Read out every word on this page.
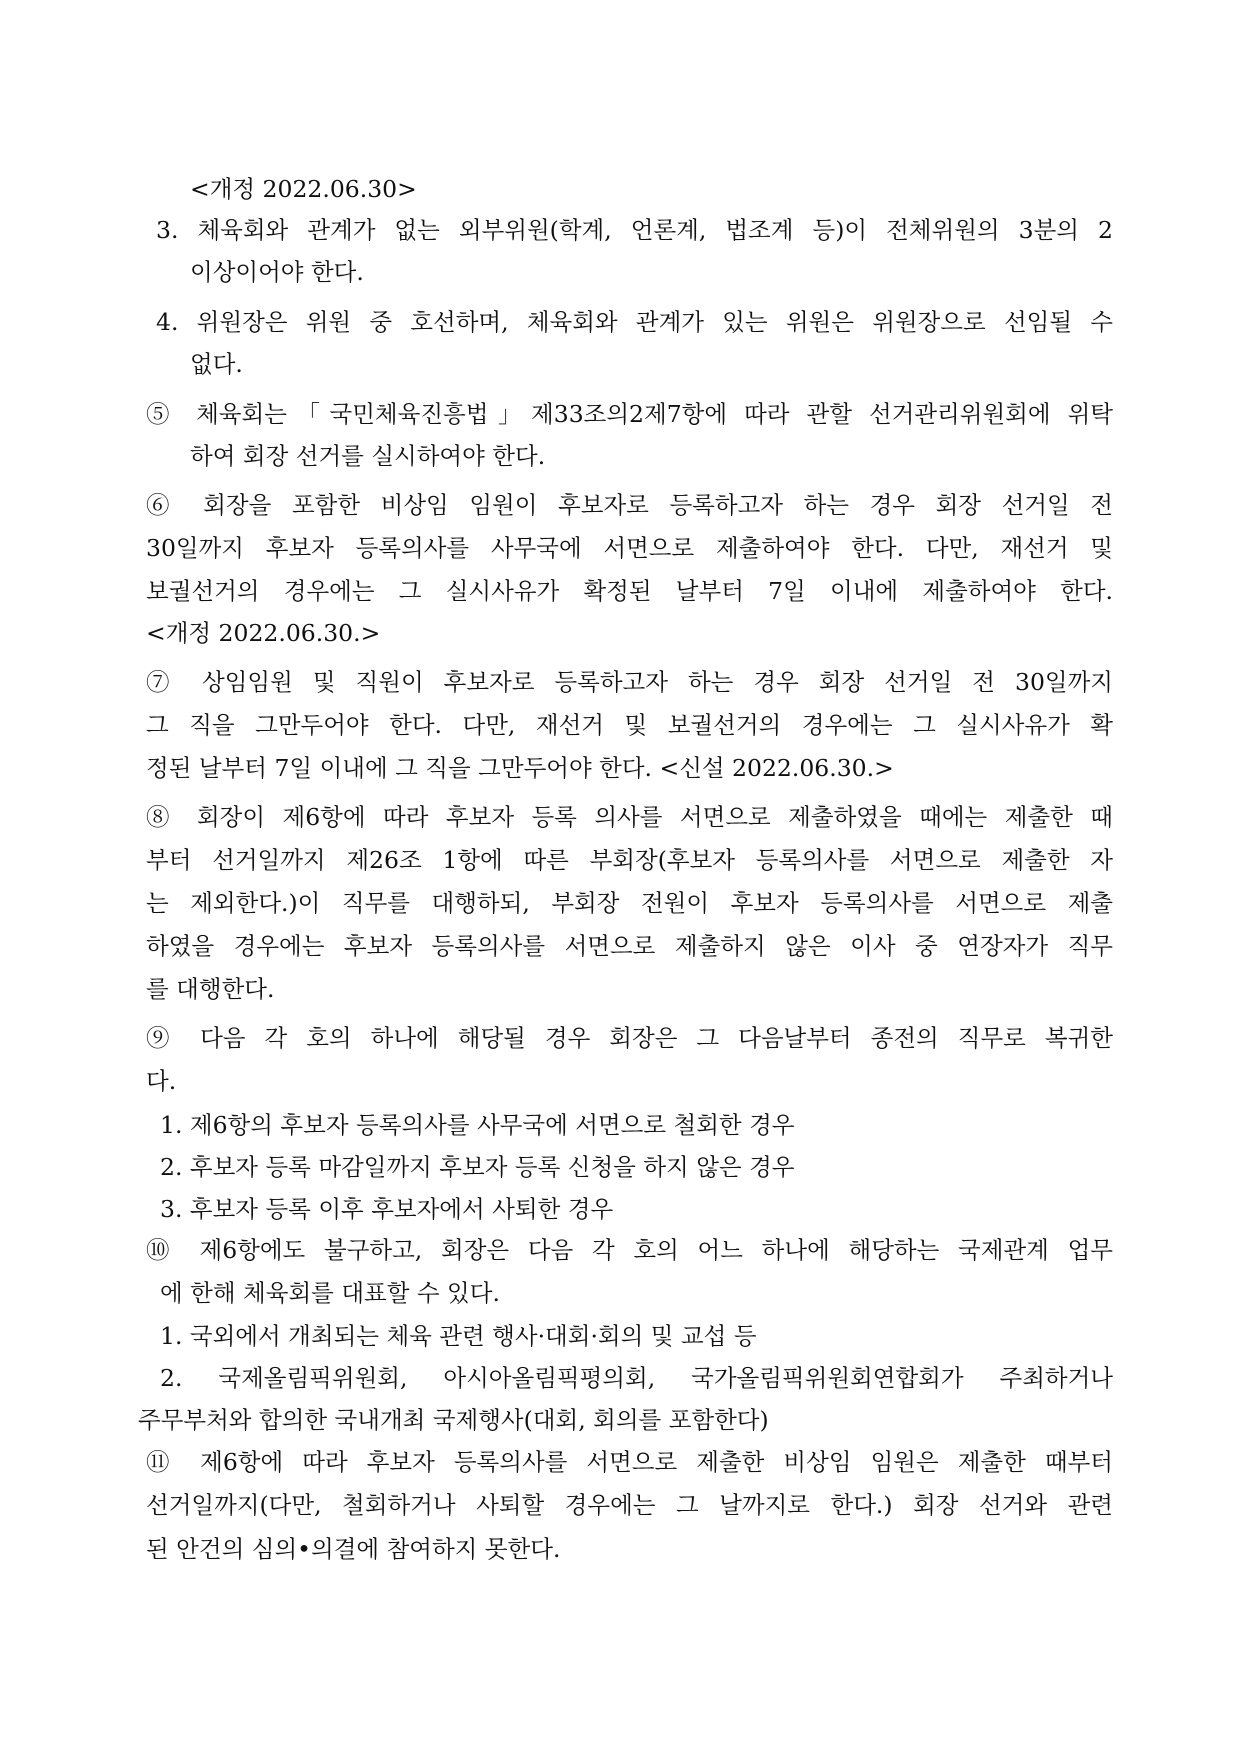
<개정 2022.06.30>
3. 체육회와 관계가 없는 외부위원(학계, 언론계, 법조계 등)이 전체위원의 3분의 2
이상이어야 한다.
4. 위원장은 위원 중 호선하며, 체육회와 관계가 있는 위원은 위원장으로 선임될 수
없다.
⑤ 체육회는「국민체육진흥법」제33조의2제7항에 따라 관할 선거관리위원회에 위탁
하여 회장 선거를 실시하여야 한다.
⑥ 회장을 포함한 비상임 임원이 후보자로 등록하고자 하는 경우 회장 선거일 전
30일까지 후보자 등록의사를 사무국에 서면으로 제출하여야 한다. 다만, 재선거 및
보궐선거의 경우에는 그 실시사유가 확정된 날부터 7일 이내에 제출하여야 한다.
<개정 2022.06.30.>
⑦ 상임임원 및 직원이 후보자로 등록하고자 하는 경우 회장 선거일 전 30일까지
그 직을 그만두어야 한다. 다만, 재선거 및 보궐선거의 경우에는 그 실시사유가 확
정된 날부터 7일 이내에 그 직을 그만두어야 한다. <신설 2022.06.30.>
⑧ 회장이 제6항에 따라 후보자 등록 의사를 서면으로 제출하였을 때에는 제출한 때
부터 선거일까지 제26조 1항에 따른 부회장(후보자 등록의사를 서면으로 제출한 자
는 제외한다.)이 직무를 대행하되, 부회장 전원이 후보자 등록의사를 서면으로 제출
하였을 경우에는 후보자 등록의사를 서면으로 제출하지 않은 이사 중 연장자가 직무
를 대행한다.
⑨ 다음 각 호의 하나에 해당될 경우 회장은 그 다음날부터 종전의 직무로 복귀한
다.
1. 제6항의 후보자 등록의사를 사무국에 서면으로 철회한 경우
2. 후보자 등록 마감일까지 후보자 등록 신청을 하지 않은 경우
3. 후보자 등록 이후 후보자에서 사퇴한 경우
⑩ 제6항에도 불구하고, 회장은 다음 각 호의 어느 하나에 해당하는 국제관계 업무
에 한해 체육회를 대표할 수 있다.
1. 국외에서 개최되는 체육 관련 행사·대회·회의 및 교섭 등
2. 국제올림픽위원회, 아시아올림픽평의회, 국가올림픽위원회연합회가 주최하거나
주무부처와 합의한 국내개최 국제행사(대회, 회의를 포함한다)
⑪ 제6항에 따라 후보자 등록의사를 서면으로 제출한 비상임 임원은 제출한 때부터
선거일까지(다만, 철회하거나 사퇴할 경우에는 그 날까지로 한다.) 회장 선거와 관련
된 안건의 심의•의결에 참여하지 못한다.
